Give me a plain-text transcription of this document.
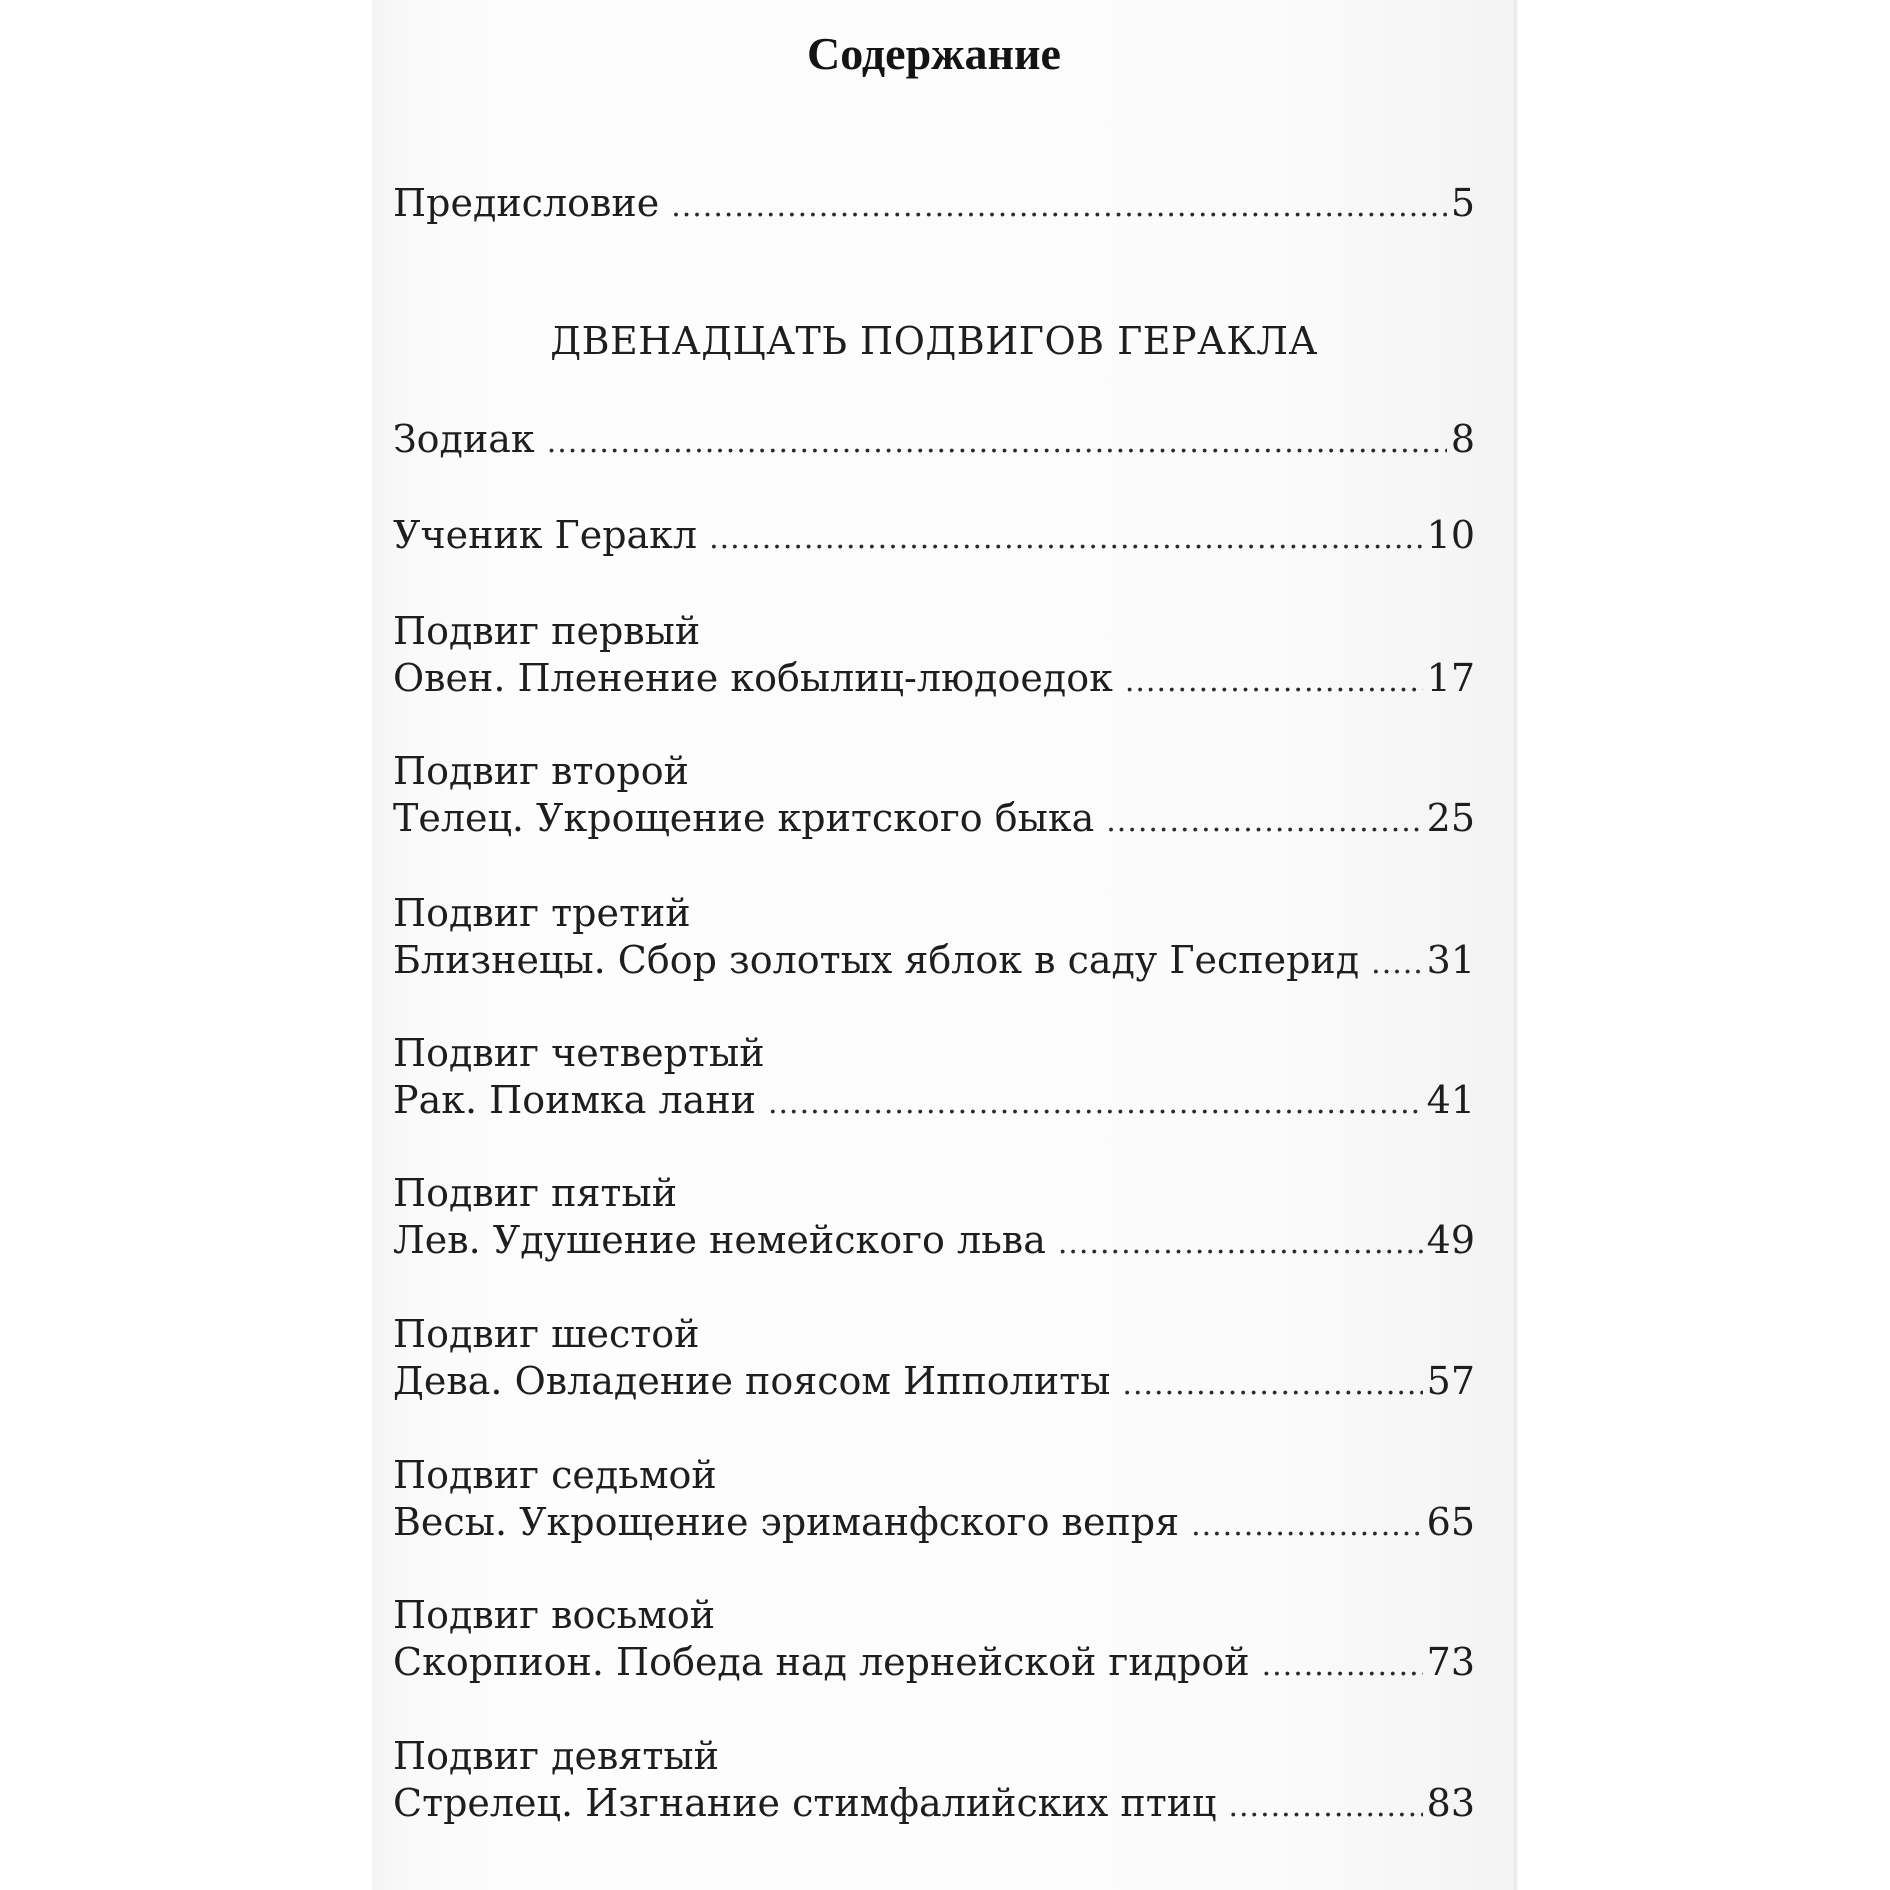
Содержание
Предисловие .....	5
ДВЕНАДЦАТЬ ПОДВИГОВ ГЕРАКЛА
Зодиак .....	8
Ученик Геракл .....	10
Подвиг первый
Овен. Пленение кобылиц-людоедок .....	17
Подвиг второй
Телец. Укрощение критского быка .....	25
Подвиг третий
Близнецы. Сбор золотых яблок в саду Гесперид ..... 31
Подвиг четвертый
Рак. Поимка лани .....	41
Подвиг пятый
Лев. Удушение немейского льва .....	49
Подвиг шестой
Дева. Овладение поясом Ипполиты .....	57
Подвиг седьмой
Весы. Укрощение эриманфского вепря .....	65
Подвиг восьмой
Скорпион. Победа над лернейской гидрой .....	73
Подвиг девятый
Стрелец. Изгнание стимфалийских птиц .....	83
